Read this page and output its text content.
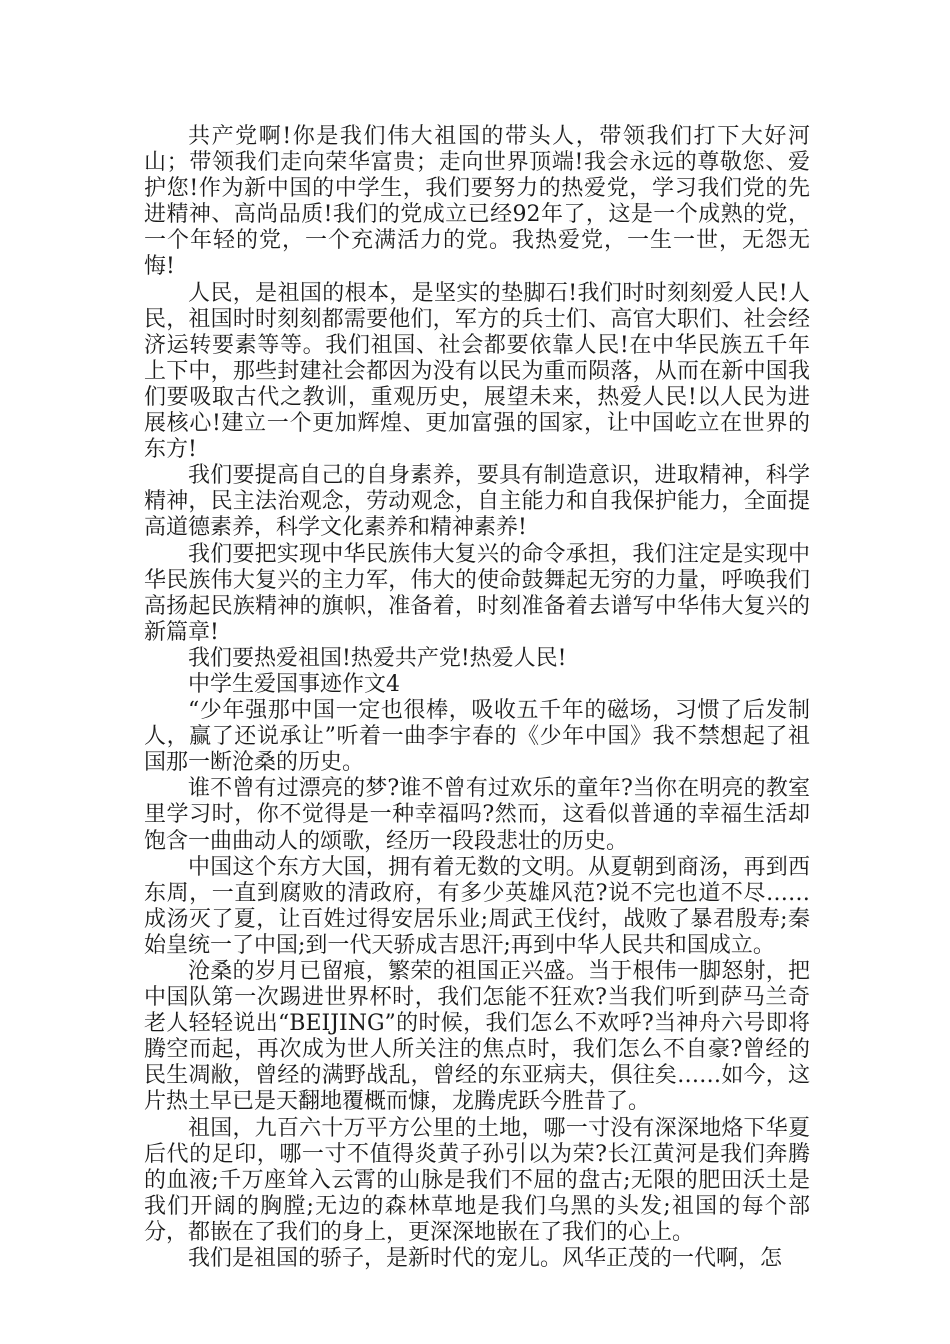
共产党啊!你是我们伟大祖国的带头人，带领我们打下大好河山；带领我们走向荣华富贵；走向世界顶端!我会永远的尊敬您、爱护您!作为新中国的中学生，我们要努力的热爱党，学习我们党的先进精神、高尚品质!我们的党成立已经92年了，这是一个成熟的党，一个年轻的党，一个充满活力的党。我热爱党，一生一世，无怨无悔!

人民，是祖国的根本，是坚实的垫脚石!我们时时刻刻爱人民!人民，祖国时时刻刻都需要他们，军方的兵士们、高官大职们、社会经济运转要素等等。我们祖国、社会都要依靠人民!在中华民族五千年上下中，那些封建社会都因为没有以民为重而陨落，从而在新中国我们要吸取古代之教训，重观历史，展望未来，热爱人民!以人民为进展核心!建立一个更加辉煌、更加富强的国家，让中国屹立在世界的东方!

我们要提高自己的自身素养，要具有制造意识，进取精神，科学精神，民主法治观念，劳动观念，自主能力和自我保护能力，全面提高道德素养，科学文化素养和精神素养!

我们要把实现中华民族伟大复兴的命令承担，我们注定是实现中华民族伟大复兴的主力军，伟大的使命鼓舞起无穷的力量，呼唤我们高扬起民族精神的旗帜，准备着，时刻准备着去谱写中华伟大复兴的新篇章!

我们要热爱祖国!热爱共产党!热爱人民!

中学生爱国事迹作文4

“少年强那中国一定也很棒，吸收五千年的磁场，习惯了后发制人，赢了还说承让”听着一曲李宇春的《少年中国》我不禁想起了祖国那一断沧桑的历史。

谁不曾有过漂亮的梦?谁不曾有过欢乐的童年?当你在明亮的教室里学习时，你不觉得是一种幸福吗?然而，这看似普通的幸福生活却饱含一曲曲动人的颂歌，经历一段段悲壮的历史。

中国这个东方大国，拥有着无数的文明。从夏朝到商汤，再到西东周，一直到腐败的清政府，有多少英雄风范?说不完也道不尽……成汤灭了夏，让百姓过得安居乐业;周武王伐纣，战败了暴君殷寿;秦始皇统一了中国;到一代天骄成吉思汗;再到中华人民共和国成立。

沧桑的岁月已留痕，繁荣的祖国正兴盛。当于根伟一脚怒射，把中国队第一次踢进世界杯时，我们怎能不狂欢?当我们听到萨马兰奇老人轻轻说出“BEIJING”的时候，我们怎么不欢呼?当神舟六号即将腾空而起，再次成为世人所关注的焦点时，我们怎么不自豪?曾经的民生凋敝，曾经的满野战乱，曾经的东亚病夫，俱往矣……如今，这片热土早已是天翻地覆概而慷，龙腾虎跃今胜昔了。

祖国，九百六十万平方公里的土地，哪一寸没有深深地烙下华夏后代的足印，哪一寸不值得炎黄子孙引以为荣?长江黄河是我们奔腾的血液;千万座耸入云霄的山脉是我们不屈的盘古;无限的肥田沃土是我们开阔的胸膛;无边的森林草地是我们乌黑的头发;祖国的每个部分，都嵌在了我们的身上，更深深地嵌在了我们的心上。

我们是祖国的骄子，是新时代的宠儿。风华正茂的一代啊，怎
